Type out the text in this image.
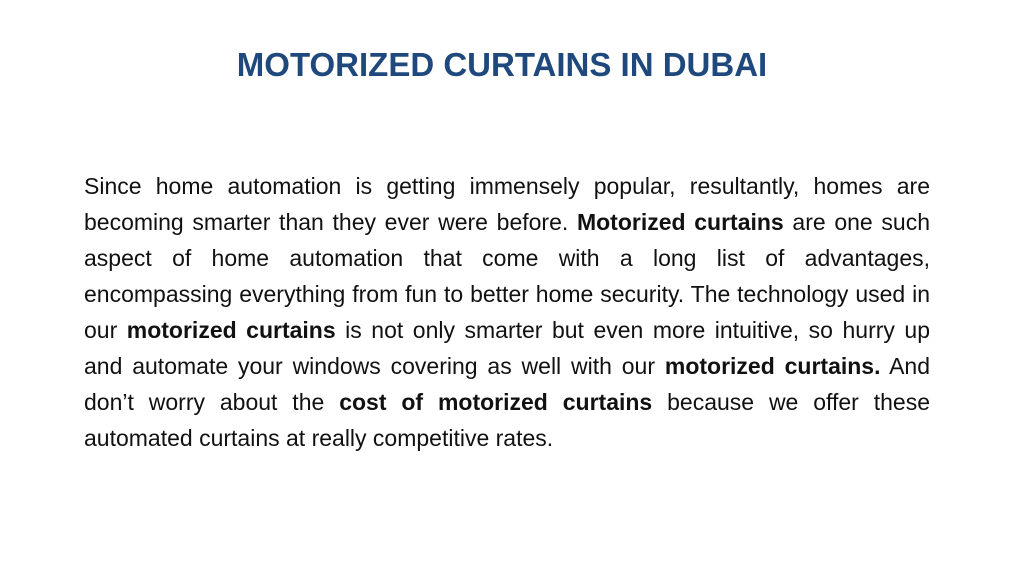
MOTORIZED CURTAINS IN DUBAI

Since home automation is getting immensely popular, resultantly, homes are becoming smarter than they ever were before. Motorized curtains are one such aspect of home automation that come with a long list of advantages, encompassing everything from fun to better home security. The technology used in our motorized curtains is not only smarter but even more intuitive, so hurry up and automate your windows covering as well with our motorized curtains. And don’t worry about the cost of motorized curtains because we offer these automated curtains at really competitive rates.
